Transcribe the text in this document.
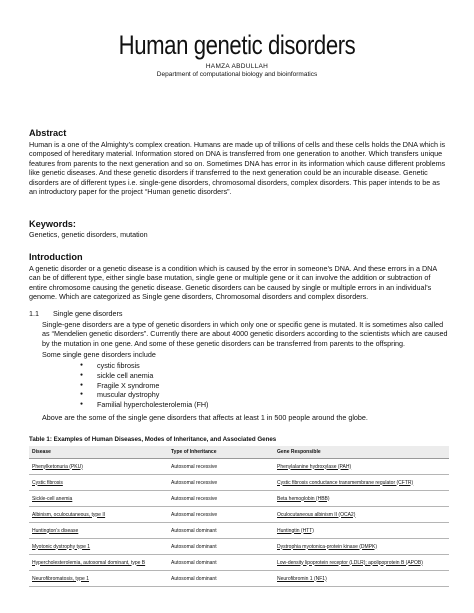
Human genetic disorders
HAMZA ABDULLAH
Department of computational biology and bioinformatics
Abstract
Human is a one of the Almighty’s complex creation. Humans are made up of trillions of cells and these cells holds the DNA which is composed of hereditary material. Information stored on DNA is transferred from one generation to another. Which transfers unique features from parents to the next generation and so on. Sometimes DNA has error in its information which cause different problems like genetic diseases. And these genetic disorders if transferred to the next generation could be an incurable disease. Genetic disorders are of different types i.e. single-gene disorders, chromosomal disorders, complex disorders. This paper intends to be as an introductory paper for the project “Human genetic disorders”.
Keywords:
Genetics, genetic disorders, mutation
Introduction
A genetic disorder or a genetic disease is a condition which is caused by the error in someone’s DNA. And these errors in a DNA can be of different type, either single base mutation, single gene or multiple gene or it can involve the addition or subtraction of entire chromosome causing the genetic disease. Genetic disorders can be caused by single or multiple errors in an individual’s genome. Which are categorized as Single gene disorders, Chromosomal disorders and complex disorders.
1.1 Single gene disorders
Single-gene disorders are a type of genetic disorders in which only one or specific gene is mutated. It is sometimes also called as “Mendelien genetic disorders”. Currently there are about 4000 genetic disorders according to the scientists which are caused by the mutation in one gene. And some of these genetic disorders can be transferred from parents to the offspring.
Some single gene disorders include
● cystic fibrosis
● sickle cell anemia
● Fragile X syndrome
● muscular dystrophy
● Familial hypercholesterolemia (FH)
Above are the some of the single gene disorders that affects at least 1 in 500 people around the globe.
Table 1: Examples of Human Diseases, Modes of Inheritance, and Associated Genes
Disease	Type of Inheritance	Gene Responsible
Phenylketonuria (PKU)	Autosomal recessive	Phenylalanine hydroxylase (PAH)
Cystic fibrosis	Autosomal recessive	Cystic fibrosis conductance transmembrane regulator (CFTR)
Sickle-cell anemia	Autosomal recessive	Beta hemoglobin (HBB)
Albinism, oculocutaneous, type II	Autosomal recessive	Oculocutaneous albinism II (OCA2)
Huntington’s disease	Autosomal dominant	Huntingtin (HTT)
Myotonic dystrophy type 1	Autosomal dominant	Dystrophia myotonica-protein kinase (DMPK)
Hypercholesterolemia, autosomal dominant, type B	Autosomal dominant	Low-density lipoprotein receptor (LDLR); apolipoprotein B (APOB)
Neurofibromatosis, type 1	Autosomal dominant	Neurofibromin 1 (NF1)
